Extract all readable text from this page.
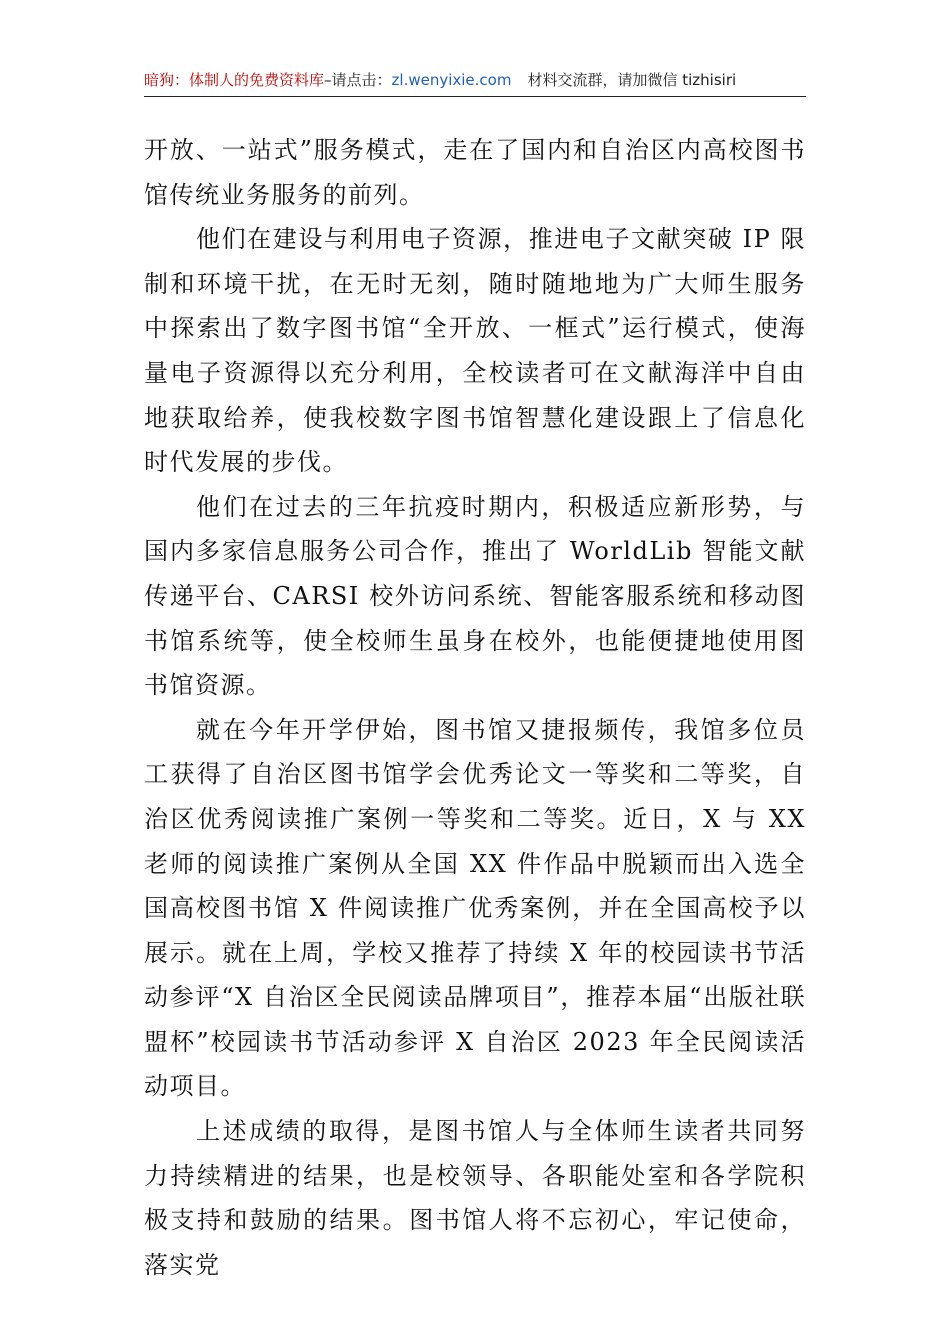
暗狗：体制人的免费资料库–请点击：zl.wenyixie.com 材料交流群，请加微信 tizhisiri

开放、一站式”服务模式，走在了国内和自治区内高校图书馆传统业务服务的前列。

他们在建设与利用电子资源，推进电子文献突破 IP 限制和环境干扰，在无时无刻，随时随地地为广大师生服务中探索出了数字图书馆“全开放、一框式”运行模式，使海量电子资源得以充分利用，全校读者可在文献海洋中自由地获取给养，使我校数字图书馆智慧化建设跟上了信息化时代发展的步伐。

他们在过去的三年抗疫时期内，积极适应新形势，与国内多家信息服务公司合作，推出了 WorldLib 智能文献传递平台、CARSI 校外访问系统、智能客服系统和移动图书馆系统等，使全校师生虽身在校外，也能便捷地使用图书馆资源。

就在今年开学伊始，图书馆又捷报频传，我馆多位员工获得了自治区图书馆学会优秀论文一等奖和二等奖，自治区优秀阅读推广案例一等奖和二等奖。近日，X 与 XX 老师的阅读推广案例从全国 XX 件作品中脱颖而出入选全国高校图书馆 X 件阅读推广优秀案例，并在全国高校予以展示。就在上周，学校又推荐了持续 X 年的校园读书节活动参评“X 自治区全民阅读品牌项目”，推荐本届“出版社联盟杯”校园读书节活动参评 X 自治区 2023 年全民阅读活动项目。

上述成绩的取得，是图书馆人与全体师生读者共同努力持续精进的结果，也是校领导、各职能处室和各学院积极支持和鼓励的结果。图书馆人将不忘初心，牢记使命，落实党
